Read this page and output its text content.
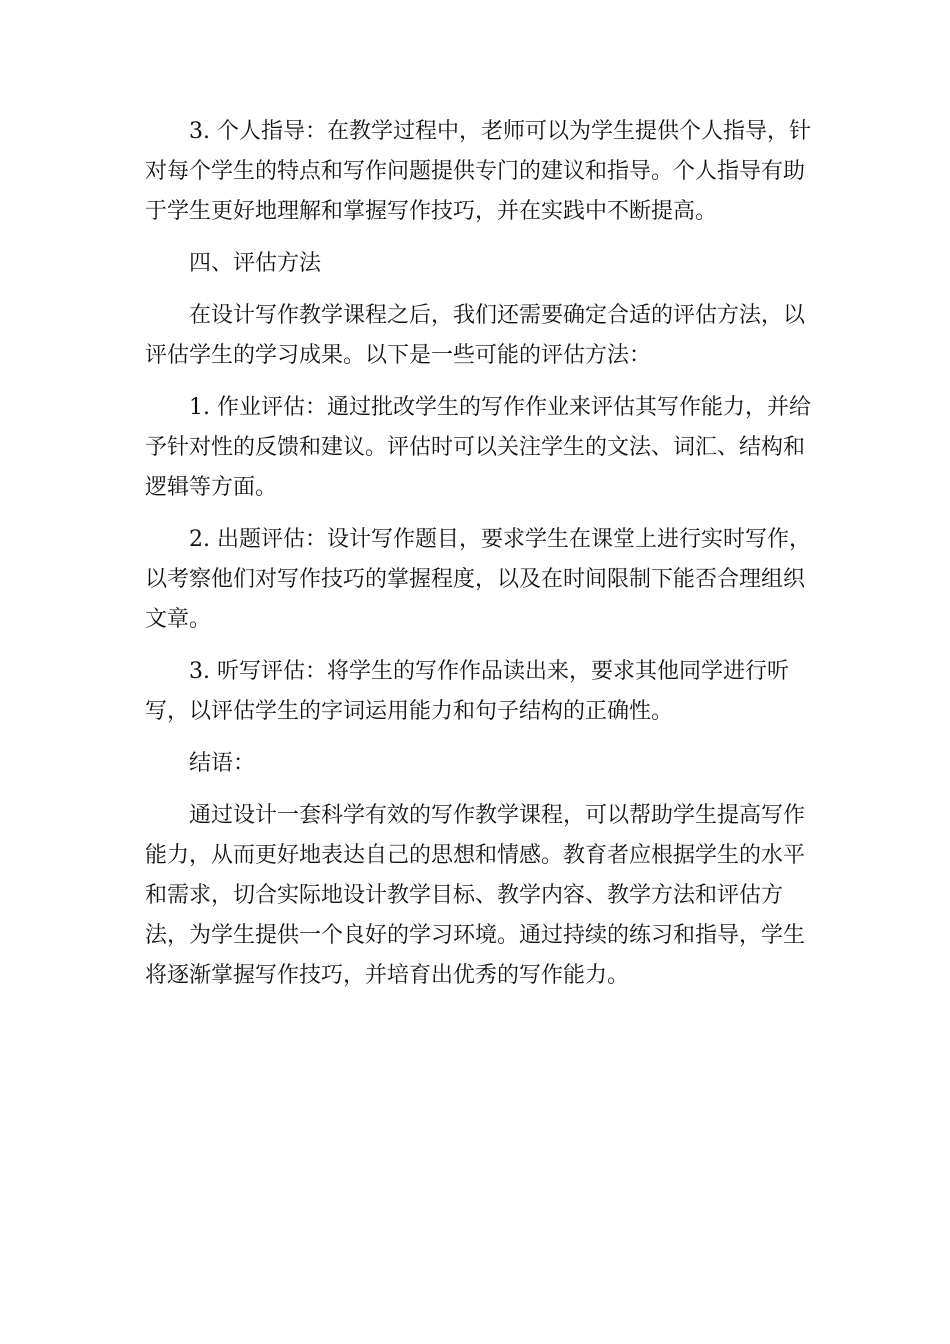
3. 个人指导：在教学过程中，老师可以为学生提供个人指导，针对每个学生的特点和写作问题提供专门的建议和指导。个人指导有助于学生更好地理解和掌握写作技巧，并在实践中不断提高。

四、评估方法

在设计写作教学课程之后，我们还需要确定合适的评估方法，以评估学生的学习成果。以下是一些可能的评估方法：

1. 作业评估：通过批改学生的写作作业来评估其写作能力，并给予针对性的反馈和建议。评估时可以关注学生的文法、词汇、结构和逻辑等方面。

2. 出题评估：设计写作题目，要求学生在课堂上进行实时写作，以考察他们对写作技巧的掌握程度，以及在时间限制下能否合理组织文章。

3. 听写评估：将学生的写作作品读出来，要求其他同学进行听写，以评估学生的字词运用能力和句子结构的正确性。

结语：

通过设计一套科学有效的写作教学课程，可以帮助学生提高写作能力，从而更好地表达自己的思想和情感。教育者应根据学生的水平和需求，切合实际地设计教学目标、教学内容、教学方法和评估方法，为学生提供一个良好的学习环境。通过持续的练习和指导，学生将逐渐掌握写作技巧，并培育出优秀的写作能力。
